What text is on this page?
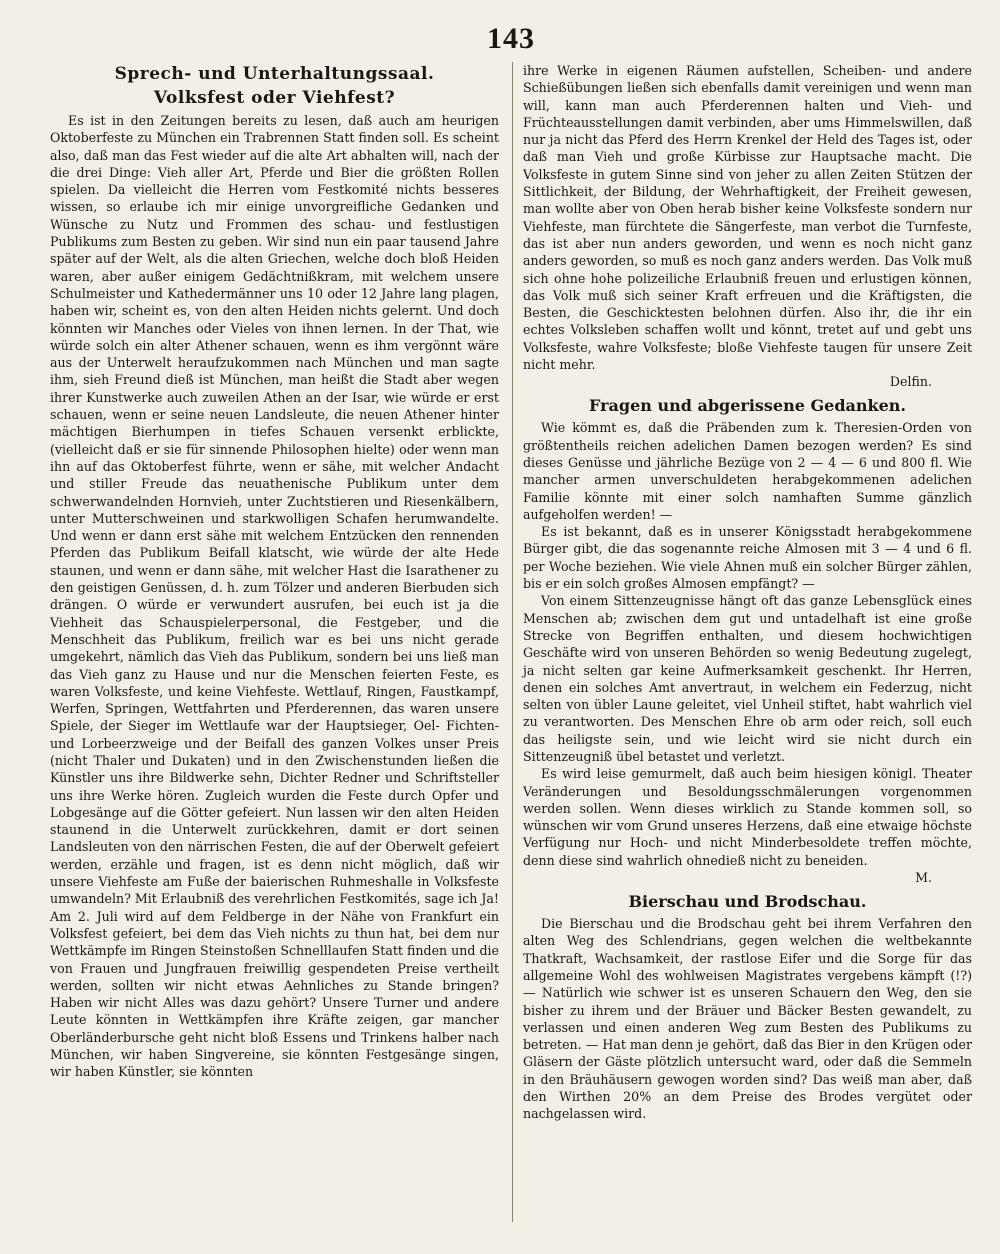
143
Sprech- und Unterhaltungssaal.
Volksfest oder Viehfest?

Es ist in den Zeitungen bereits zu lesen, daß auch am heurigen Oktoberfeste zu München ein Trabrennen Statt finden soll. Es scheint also, daß man das Fest wieder auf die alte Art abhalten will, nach der die drei Dinge: Vieh aller Art, Pferde und Bier die größten Rollen spielen. Da vielleicht die Herren vom Festkomité nichts besseres wissen, so erlaube ich mir einige unvorgreifliche Gedanken und Wünsche zu Nutz und Frommen des schau- und festlustigen Publikums zum Besten zu geben. Wir sind nun ein paar tausend Jahre später auf der Welt, als die alten Griechen, welche doch bloß Heiden waren, aber außer einigem Gedächtnißkram, mit welchem unsere Schulmeister und Kathedermänner uns 10 oder 12 Jahre lang plagen, haben wir, scheint es, von den alten Heiden nichts gelernt. Und doch könnten wir Manches oder Vieles von ihnen lernen. In der That, wie würde solch ein alter Athener schauen, wenn es ihm vergönnt wäre aus der Unterwelt heraufzukommen nach München und man sagte ihm, sieh Freund dieß ist München, man heißt die Stadt aber wegen ihrer Kunstwerke auch zuweilen Athen an der Isar, wie würde er erst schauen, wenn er seine neuen Landsleute, die neuen Athener hinter mächtigen Bierhumpen in tiefes Schauen versenkt erblickte, (vielleicht daß er sie für sinnende Philosophen hielte) oder wenn man ihn auf das Oktoberfest führte, wenn er sähe, mit welcher Andacht und stiller Freude das neuathenische Publikum unter dem schwerwandelnden Hornvieh, unter Zuchtstieren und Riesenkälbern, unter Mutterschweinen und starkwolligen Schafen herumwandelte. Und wenn er dann erst sähe mit welchem Entzücken den rennenden Pferden das Publikum Beifall klatscht, wie würde der alte Hede staunen, und wenn er dann sähe, mit welcher Hast die Isarathener zu den geistigen Genüssen, d. h. zum Tölzer und anderen Bierbuden sich drängen. O würde er verwundert ausrufen, bei euch ist ja die Viehheit das Schauspielerpersonal, die Festgeber, und die Menschheit das Publikum, freilich war es bei uns nicht gerade umgekehrt, nämlich das Vieh das Publikum, sondern bei uns ließ man das Vieh ganz zu Hause und nur die Menschen feierten Feste, es waren Volksfeste, und keine Viehfeste. Wettlauf, Ringen, Faustkampf, Werfen, Springen, Wettfahrten und Pferderennen, das waren unsere Spiele, der Sieger im Wettlaufe war der Hauptsieger, Oel- Fichten- und Lorbeerzweige und der Beifall des ganzen Volkes unser Preis (nicht Thaler und Dukaten) und in den Zwischenstunden ließen die Künstler uns ihre Bildwerke sehn, Dichter Redner und Schriftsteller uns ihre Werke hören. Zugleich wurden die Feste durch Opfer und Lobgesänge auf die Götter gefeiert. Nun lassen wir den alten Heiden staunend in die Unterwelt zurückkehren, damit er dort seinen Landsleuten von den närrischen Festen, die auf der Oberwelt gefeiert werden, erzähle und fragen, ist es denn nicht möglich, daß wir unsere Viehfeste am Fuße der baierischen Ruhmeshalle in Volksfeste umwandeln? Mit Erlaubniß des verehrlichen Festkomités, sage ich Ja! Am 2. Juli wird auf dem Feldberge in der Nähe von Frankfurt ein Volksfest gefeiert, bei dem das Vieh nichts zu thun hat, bei dem nur Wettkämpfe im Ringen Steinstoßen Schnelllaufen Statt finden und die von Frauen und Jungfrauen freiwillig gespendeten Preise vertheilt werden, sollten wir nicht etwas Aehnliches zu Stande bringen? Haben wir nicht Alles was dazu gehört? Unsere Turner und andere Leute könnten in Wettkämpfen ihre Kräfte zeigen, gar mancher Oberländerbursche geht nicht bloß Essens und Trinkens halber nach München, wir haben Singvereine, sie könnten Festgesänge singen, wir haben Künstler, sie könnten

ihre Werke in eigenen Räumen aufstellen, Scheiben- und andere Schießübungen ließen sich ebenfalls damit vereinigen und wenn man will, kann man auch Pferderennen halten und Vieh- und Früchteausstellungen damit verbinden, aber ums Himmelswillen, daß nur ja nicht das Pferd des Herrn Krenkel der Held des Tages ist, oder daß man Vieh und große Kürbisse zur Hauptsache macht. Die Volksfeste in gutem Sinne sind von jeher zu allen Zeiten Stützen der Sittlichkeit, der Bildung, der Wehrhaftigkeit, der Freiheit gewesen, man wollte aber von Oben herab bisher keine Volksfeste sondern nur Viehfeste, man fürchtete die Sängerfeste, man verbot die Turnfeste, das ist aber nun anders geworden, und wenn es noch nicht ganz anders geworden, so muß es noch ganz anders werden. Das Volk muß sich ohne hohe polizeiliche Erlaubniß freuen und erlustigen können, das Volk muß sich seiner Kraft erfreuen und die Kräftigsten, die Besten, die Geschicktesten belohnen dürfen. Also ihr, die ihr ein echtes Volksleben schaffen wollt und könnt, tretet auf und gebt uns Volksfeste, wahre Volksfeste; bloße Viehfeste taugen für unsere Zeit nicht mehr.

Delfin.
Fragen und abgerissene Gedanken.

Wie kömmt es, daß die Präbenden zum k. Theresien-Orden von größtentheils reichen adelichen Damen bezogen werden? Es sind dieses Genüsse und jährliche Bezüge von 2 — 4 — 6 und 800 fl. Wie mancher armen unverschuldeten herabgekommenen adelichen Familie könnte mit einer solch namhaften Summe gänzlich aufgeholfen werden! —

Es ist bekannt, daß es in unserer Königsstadt herabgekommene Bürger gibt, die das sogenannte reiche Almosen mit 3 — 4 und 6 fl. per Woche beziehen. Wie viele Ahnen muß ein solcher Bürger zählen, bis er ein solch großes Almosen empfängt? —

Von einem Sittenzeugnisse hängt oft das ganze Lebensglück eines Menschen ab; zwischen dem gut und untadelhaft ist eine große Strecke von Begriffen enthalten, und diesem hochwichtigen Geschäfte wird von unseren Behörden so wenig Bedeutung zugelegt, ja nicht selten gar keine Aufmerksamkeit geschenkt. Ihr Herren, denen ein solches Amt anvertraut, in welchem ein Federzug, nicht selten von übler Laune geleitet, viel Unheil stiftet, habt wahrlich viel zu verantworten. Des Menschen Ehre ob arm oder reich, soll euch das heiligste sein, und wie leicht wird sie nicht durch ein Sittenzeugniß übel betastet und verletzt.

Es wird leise gemurmelt, daß auch beim hiesigen königl. Theater Veränderungen und Besoldungsschmälerungen vorgenommen werden sollen. Wenn dieses wirklich zu Stande kommen soll, so wünschen wir vom Grund unseres Herzens, daß eine etwaige höchste Verfügung nur Hoch- und nicht Minderbesoldete treffen möchte, denn diese sind wahrlich ohnedieß nicht zu beneiden.

M.
Bierschau und Brodschau.

Die Bierschau und die Brodschau geht bei ihrem Verfahren den alten Weg des Schlendrians, gegen welchen die weltbekannte Thatkraft, Wachsamkeit, der rastlose Eifer und die Sorge für das allgemeine Wohl des wohlweisen Magistrates vergebens kämpft (!?) — Natürlich wie schwer ist es unseren Schauern den Weg, den sie bisher zu ihrem und der Bräuer und Bäcker Besten gewandelt, zu verlassen und einen anderen Weg zum Besten des Publikums zu betreten. — Hat man denn je gehört, daß das Bier in den Krügen oder Gläsern der Gäste plötzlich untersucht ward, oder daß die Semmeln in den Bräuhäusern gewogen worden sind? Das weiß man aber, daß den Wirthen 20% an dem Preise des Brodes vergütet oder nachgelassen wird.
